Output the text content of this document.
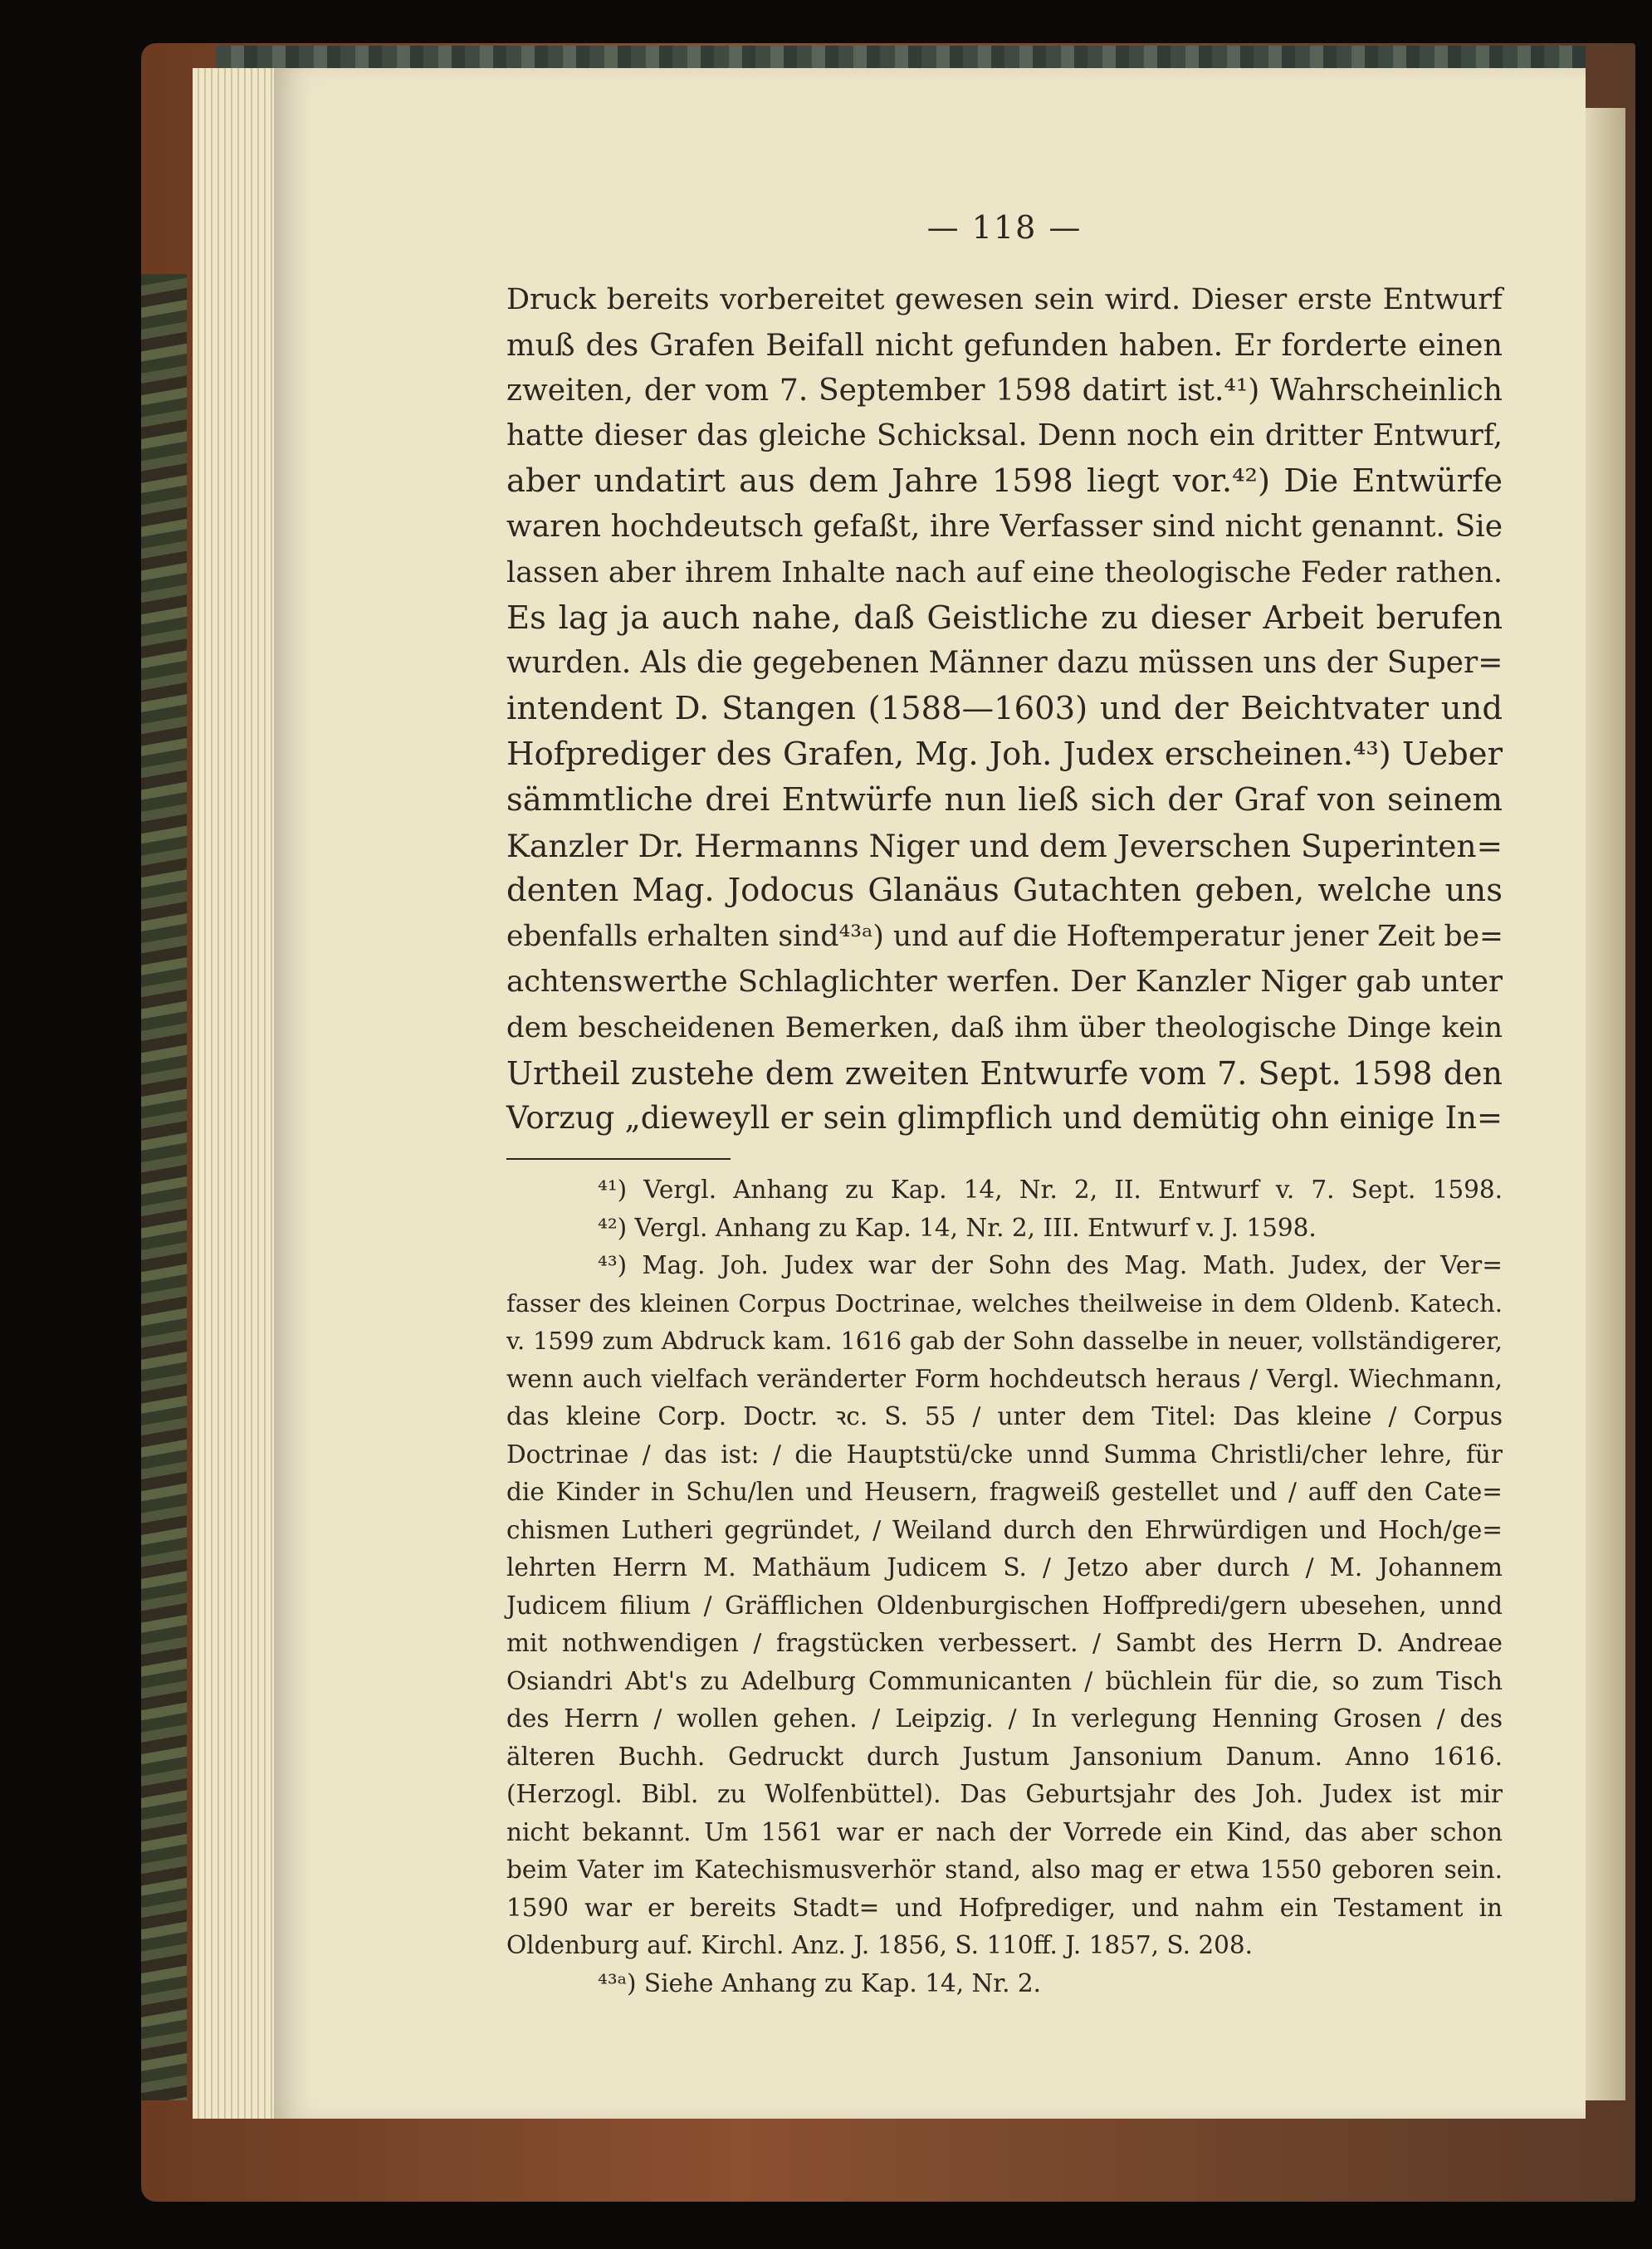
— 118 —

Druck bereits vorbereitet gewesen sein wird. Dieser erste Entwurf

muß des Grafen Beifall nicht gefunden haben. Er forderte einen

zweiten, der vom 7. September 1598 datirt ist.⁴¹) Wahrscheinlich

hatte dieser das gleiche Schicksal. Denn noch ein dritter Entwurf,

aber undatirt aus dem Jahre 1598 liegt vor.⁴²) Die Entwürfe

waren hochdeutsch gefaßt, ihre Verfasser sind nicht genannt. Sie

lassen aber ihrem Inhalte nach auf eine theologische Feder rathen.

Es lag ja auch nahe, daß Geistliche zu dieser Arbeit berufen

wurden. Als die gegebenen Männer dazu müssen uns der Super=

intendent D. Stangen (1588—1603) und der Beichtvater und

Hofprediger des Grafen, Mg. Joh. Judex erscheinen.⁴³) Ueber

sämmtliche drei Entwürfe nun ließ sich der Graf von seinem

Kanzler Dr. Hermanns Niger und dem Jeverschen Superinten=

denten Mag. Jodocus Glanäus Gutachten geben, welche uns

ebenfalls erhalten sind⁴³ᵃ) und auf die Hoftemperatur jener Zeit be=

achtenswerthe Schlaglichter werfen. Der Kanzler Niger gab unter

dem bescheidenen Bemerken, daß ihm über theologische Dinge kein

Urtheil zustehe dem zweiten Entwurfe vom 7. Sept. 1598 den

Vorzug „dieweyll er sein glimpflich und demütig ohn einige In=

⁴¹) Vergl. Anhang zu Kap. 14, Nr. 2, II. Entwurf v. 7. Sept. 1598.

⁴²) Vergl. Anhang zu Kap. 14, Nr. 2, III. Entwurf v. J. 1598.

⁴³) Mag. Joh. Judex war der Sohn des Mag. Math. Judex, der Ver=

fasser des kleinen Corpus Doctrinae, welches theilweise in dem Oldenb. Katech.

v. 1599 zum Abdruck kam. 1616 gab der Sohn dasselbe in neuer, vollständigerer,

wenn auch vielfach veränderter Form hochdeutsch heraus / Vergl. Wiechmann,

das kleine Corp. Doctr. ꝛc. S. 55 / unter dem Titel: Das kleine / Corpus

Doctrinae / das ist: / die Hauptstü/cke unnd Summa Christli/cher lehre, für

die Kinder in Schu/len und Heusern, fragweiß gestellet und / auff den Cate=

chismen Lutheri gegründet, / Weiland durch den Ehrwürdigen und Hoch/ge=

lehrten Herrn M. Mathäum Judicem S. / Jetzo aber durch / M. Johannem

Judicem filium / Gräfflichen Oldenburgischen Hoffpredi/gern ubesehen, unnd

mit nothwendigen / fragstücken verbessert. / Sambt des Herrn D. Andreae

Osiandri Abt's zu Adelburg Communicanten / büchlein für die, so zum Tisch

des Herrn / wollen gehen. / Leipzig. / In verlegung Henning Grosen / des

älteren Buchh. Gedruckt durch Justum Jansonium Danum. Anno 1616.

(Herzogl. Bibl. zu Wolfenbüttel). Das Geburtsjahr des Joh. Judex ist mir

nicht bekannt. Um 1561 war er nach der Vorrede ein Kind, das aber schon

beim Vater im Katechismusverhör stand, also mag er etwa 1550 geboren sein.

1590 war er bereits Stadt= und Hofprediger, und nahm ein Testament in

Oldenburg auf. Kirchl. Anz. J. 1856, S. 110ff. J. 1857, S. 208.

⁴³ᵃ) Siehe Anhang zu Kap. 14, Nr. 2.
